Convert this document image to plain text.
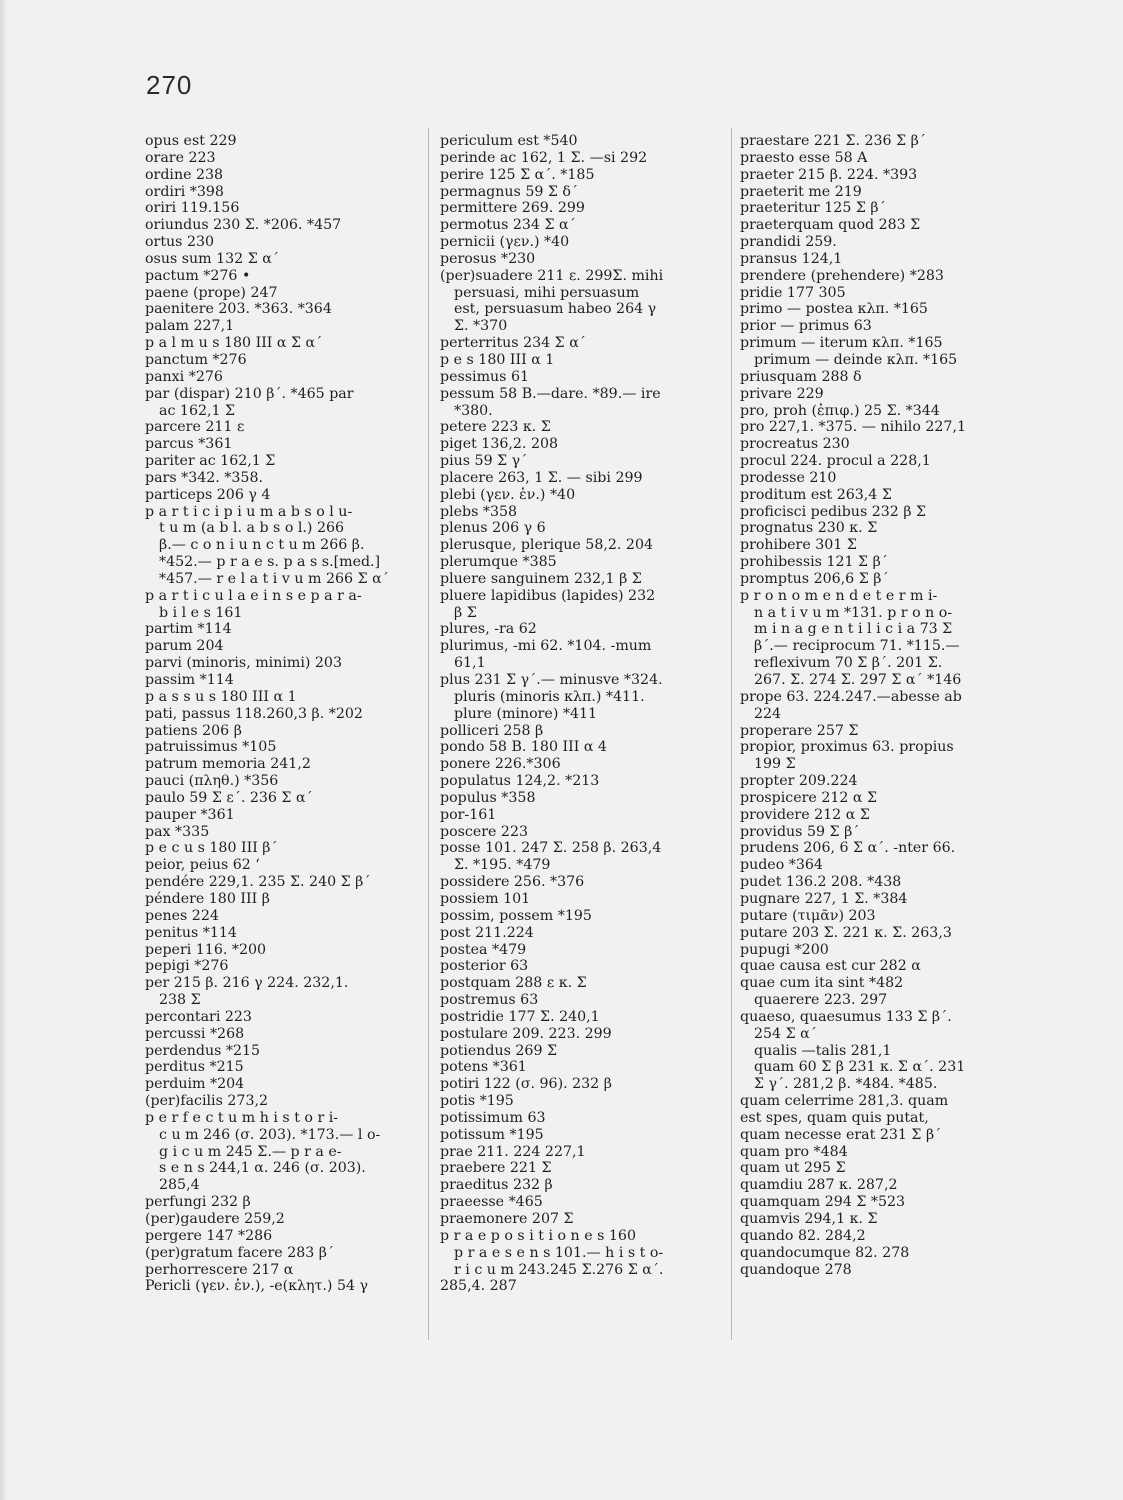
270
opus est 229
orare 223
ordine 238
ordiri *398
oriri 119.156
oriundus 230 Σ. *206. *457
ortus 230
osus sum 132 Σ α΄
pactum *276 •
paene (prope) 247
paenitere 203. *363. *364
palam 227,1
p a l m u s 180 III α Σ α΄
panctum *276
panxi *276
par (dispar) 210 β΄. *465 par
ac 162,1 Σ
parcere 211 ε
parcus *361
pariter ac 162,1 Σ
pars *342. *358.
particeps 206 γ 4
p a r t i c i p i u m a b s o l u-
t u m (a b l. a b s o l.) 266
β.— c o n i u n c t u m 266 β.
*452.— p r a e s. p a s s.[med.]
*457.— r e l a t i v u m 266 Σ α΄
p a r t i c u l a e i n s e p a r a-
b i l e s 161
partim *114
parum 204
parvi (minoris, minimi) 203
passim *114
p a s s u s 180 III α 1
pati, passus 118.260,3 β. *202
patiens 206 β
patruissimus *105
patrum memoria 241,2
pauci (πληθ.) *356
paulo 59 Σ ε΄. 236 Σ α΄
pauper *361
pax *335
p e c u s 180 III β΄
peior, peius 62 ‘
pendére 229,1. 235 Σ. 240 Σ β΄
péndere 180 III β
penes 224
penitus *114
peperi 116. *200
pepigi *276
per 215 β. 216 γ 224. 232,1.
238 Σ
percontari 223
percussi *268
perdendus *215
perditus *215
perduim *204
(per)facilis 273,2
p e r f e c t u m h i s t o r i-
c u m 246 (σ. 203). *173.— l o-
g i c u m 245 Σ.— p r a e-
s e n s 244,1 α. 246 (σ. 203).
285,4
perfungi 232 β
(per)gaudere 259,2
pergere 147 *286
(per)gratum facere 283 β΄
perhorrescere 217 α
Pericli (γεν. ἑν.), -e(κλητ.) 54 γ
periculum est *540
perinde ac 162, 1 Σ. —si 292
perire 125 Σ α΄. *185
permagnus 59 Σ δ΄
permittere 269. 299
permotus 234 Σ α΄
pernicii (γεν.) *40
perosus *230
(per)suadere 211 ε. 299Σ. mihi
persuasi, mihi persuasum
est, persuasum habeo 264 γ
Σ. *370
perterritus 234 Σ α΄
p e s 180 III α 1
pessimus 61
pessum 58 B.—dare. *89.— ire
*380.
petere 223 κ. Σ
piget 136,2. 208
pius 59 Σ γ΄
placere 263, 1 Σ. — sibi 299
plebi (γεν. ἑν.) *40
plebs *358
plenus 206 γ 6
plerusque, plerique 58,2. 204
plerumque *385
pluere sanguinem 232,1 β Σ
pluere lapidibus (lapides) 232
β Σ
plures, -ra 62
plurimus, -mi 62. *104. -mum
61,1
plus 231 Σ γ΄.— minusve *324.
pluris (minoris κλπ.) *411.
plure (minore) *411
polliceri 258 β
pondo 58 B. 180 III α 4
ponere 226.*306
populatus 124,2. *213
populus *358
por-161
poscere 223
posse 101. 247 Σ. 258 β. 263,4
Σ. *195. *479
possidere 256. *376
possiem 101
possim, possem *195
post 211.224
postea *479
posterior 63
postquam 288 ε κ. Σ
postremus 63
postridie 177 Σ. 240,1
postulare 209. 223. 299
potiendus 269 Σ
potens *361
potiri 122 (σ. 96). 232 β
potis *195
potissimum 63
potissum *195
prae 211. 224 227,1
praebere 221 Σ
praeditus 232 β
praeesse *465
praemonere 207 Σ
p r a e p o s i t i o n e s 160
p r a e s e n s 101.— h i s t o-
r i c u m 243.245 Σ.276 Σ α΄.
285,4. 287
praestare 221 Σ. 236 Σ β΄
praesto esse 58 A
praeter 215 β. 224. *393
praeterit me 219
praeteritur 125 Σ β΄
praeterquam quod 283 Σ
prandidi 259.
pransus 124,1
prendere (prehendere) *283
pridie 177 305
primo — postea κλπ. *165
prior — primus 63
primum — iterum κλπ. *165
primum — deinde κλπ. *165
priusquam 288 δ
privare 229
pro, proh (ἐπιφ.) 25 Σ. *344
pro 227,1. *375. — nihilo 227,1
procreatus 230
procul 224. procul a 228,1
prodesse 210
proditum est 263,4 Σ
proficisci pedibus 232 β Σ
prognatus 230 κ. Σ
prohibere 301 Σ
prohibessis 121 Σ β΄
promptus 206,6 Σ β΄
p r o n o m e n d e t e r m i-
n a t i v u m *131. p r o n o-
m i n a g e n t i l i c i a 73 Σ
β΄.— reciprocum 71. *115.—
reflexivum 70 Σ β΄. 201 Σ.
267. Σ. 274 Σ. 297 Σ α΄ *146
prope 63. 224.247.—abesse ab
224
properare 257 Σ
propior, proximus 63. propius
199 Σ
propter 209.224
prospicere 212 α Σ
providere 212 α Σ
providus 59 Σ β΄
prudens 206, 6 Σ α΄. -nter 66.
pudeo *364
pudet 136.2 208. *438
pugnare 227, 1 Σ. *384
putare (τιμᾶν) 203
putare 203 Σ. 221 κ. Σ. 263,3
pupugi *200
quae causa est cur 282 α
quae cum ita sint *482
quaerere 223. 297
quaeso, quaesumus 133 Σ β΄.
254 Σ α΄
qualis —talis 281,1
quam 60 Σ β 231 κ. Σ α΄. 231
Σ γ΄. 281,2 β. *484. *485.
quam celerrime 281,3. quam
est spes, quam quis putat,
quam necesse erat 231 Σ β΄
quam pro *484
quam ut 295 Σ
quamdiu 287 κ. 287,2
quamquam 294 Σ *523
quamvis 294,1 κ. Σ
quando 82. 284,2
quandocumque 82. 278
quandoque 278
